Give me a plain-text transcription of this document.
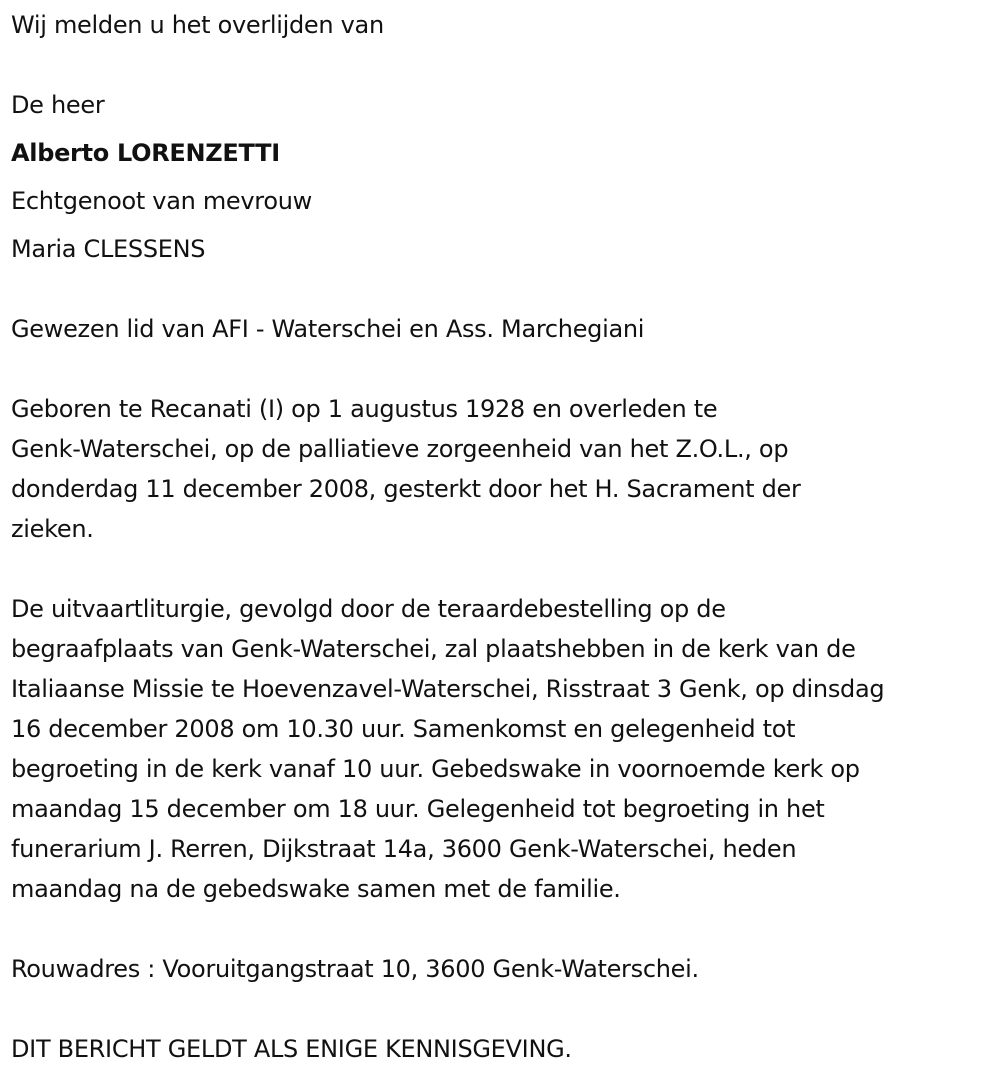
Wij melden u het overlijden van

De heer

Alberto LORENZETTI

Echtgenoot van mevrouw

Maria CLESSENS

Gewezen lid van AFI - Waterschei en Ass. Marchegiani

Geboren te Recanati (I) op 1 augustus 1928 en overleden te
Genk-Waterschei, op de palliatieve zorgeenheid van het Z.O.L., op
donderdag 11 december 2008, gesterkt door het H. Sacrament der
zieken.
De uitvaartliturgie, gevolgd door de teraardebestelling op de
begraafplaats van Genk-Waterschei, zal plaatshebben in de kerk van de
Italiaanse Missie te Hoevenzavel-Waterschei, Risstraat 3 Genk, op dinsdag
16 december 2008 om 10.30 uur. Samenkomst en gelegenheid tot
begroeting in de kerk vanaf 10 uur. Gebedswake in voornoemde kerk op
maandag 15 december om 18 uur. Gelegenheid tot begroeting in het
funerarium J. Rerren, Dijkstraat 14a, 3600 Genk-Waterschei, heden
maandag na de gebedswake samen met de familie.

Rouwadres : Vooruitgangstraat 10, 3600 Genk-Waterschei.

DIT BERICHT GELDT ALS ENIGE KENNISGEVING.
